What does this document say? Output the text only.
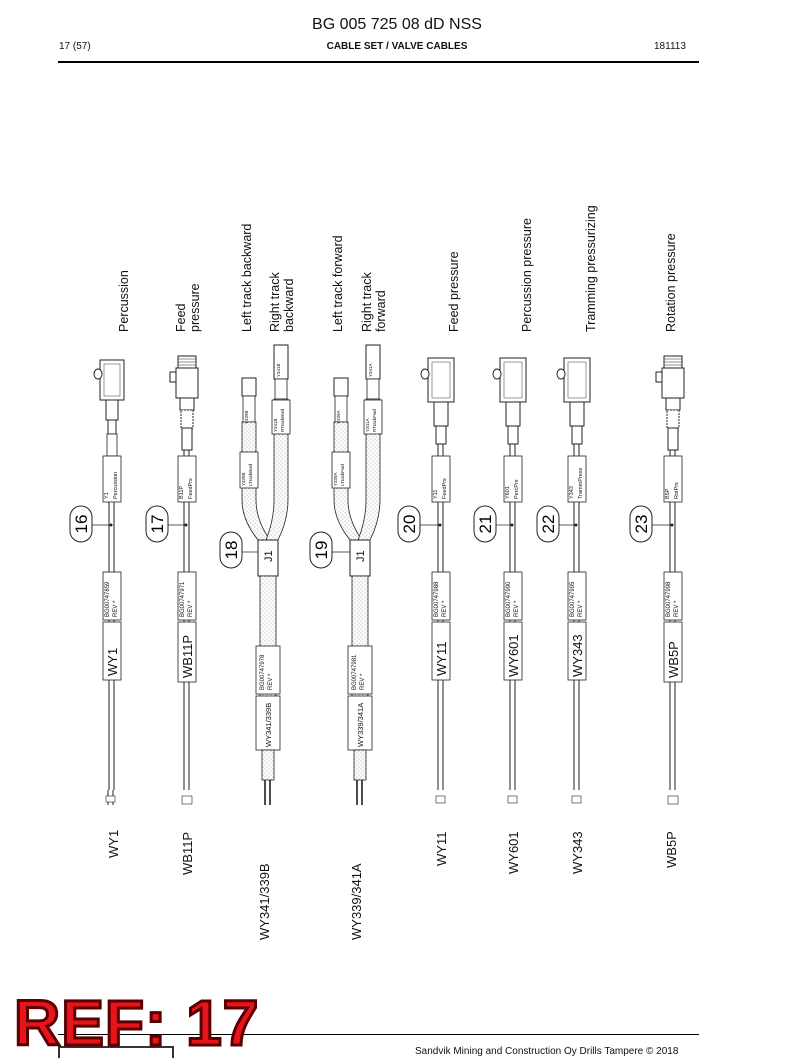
BG 005 725 08 dD NSS
17 (57)	CABLE SET / VALVE CABLES	181113
Percussion	Feed pressure	Left track backward Right track backward	Left track forward Right track forward	Feed pressure	Percussion pressure	Tramming pressurizing	Rotation pressure
16	17
18	19
20	21	22	23
Y1 Percussion
BG00747859 REV *
WY1
B11P FeedPrs
BG00747971 REV *
WB11P
Y339B
Y341B
Y339B LTrackBwd
Y341B RTrackBwd
J1
BG00747978 REV *
WY341/339B
Y339A
Y341A
Y339A LTrackFwd
Y341A RTrackFwd
J1
BG00747981 REV *
WY339/341A
Y11 FeedPrs
BG00747988 REV *
WY11
Y601 PercPrs
BG00747990 REV *
WY601
Y343 TrammPress
BG00747995 REV *
WY343
B5P RotPrs
BG00747998 REV *
WB5P
WY1	WB11P
WY341/339B	WY339/341A
WY11	WY601	WY343	WB5P
Sandvik Mining and Construction Oy Drills Tampere © 2018
REF: 17
